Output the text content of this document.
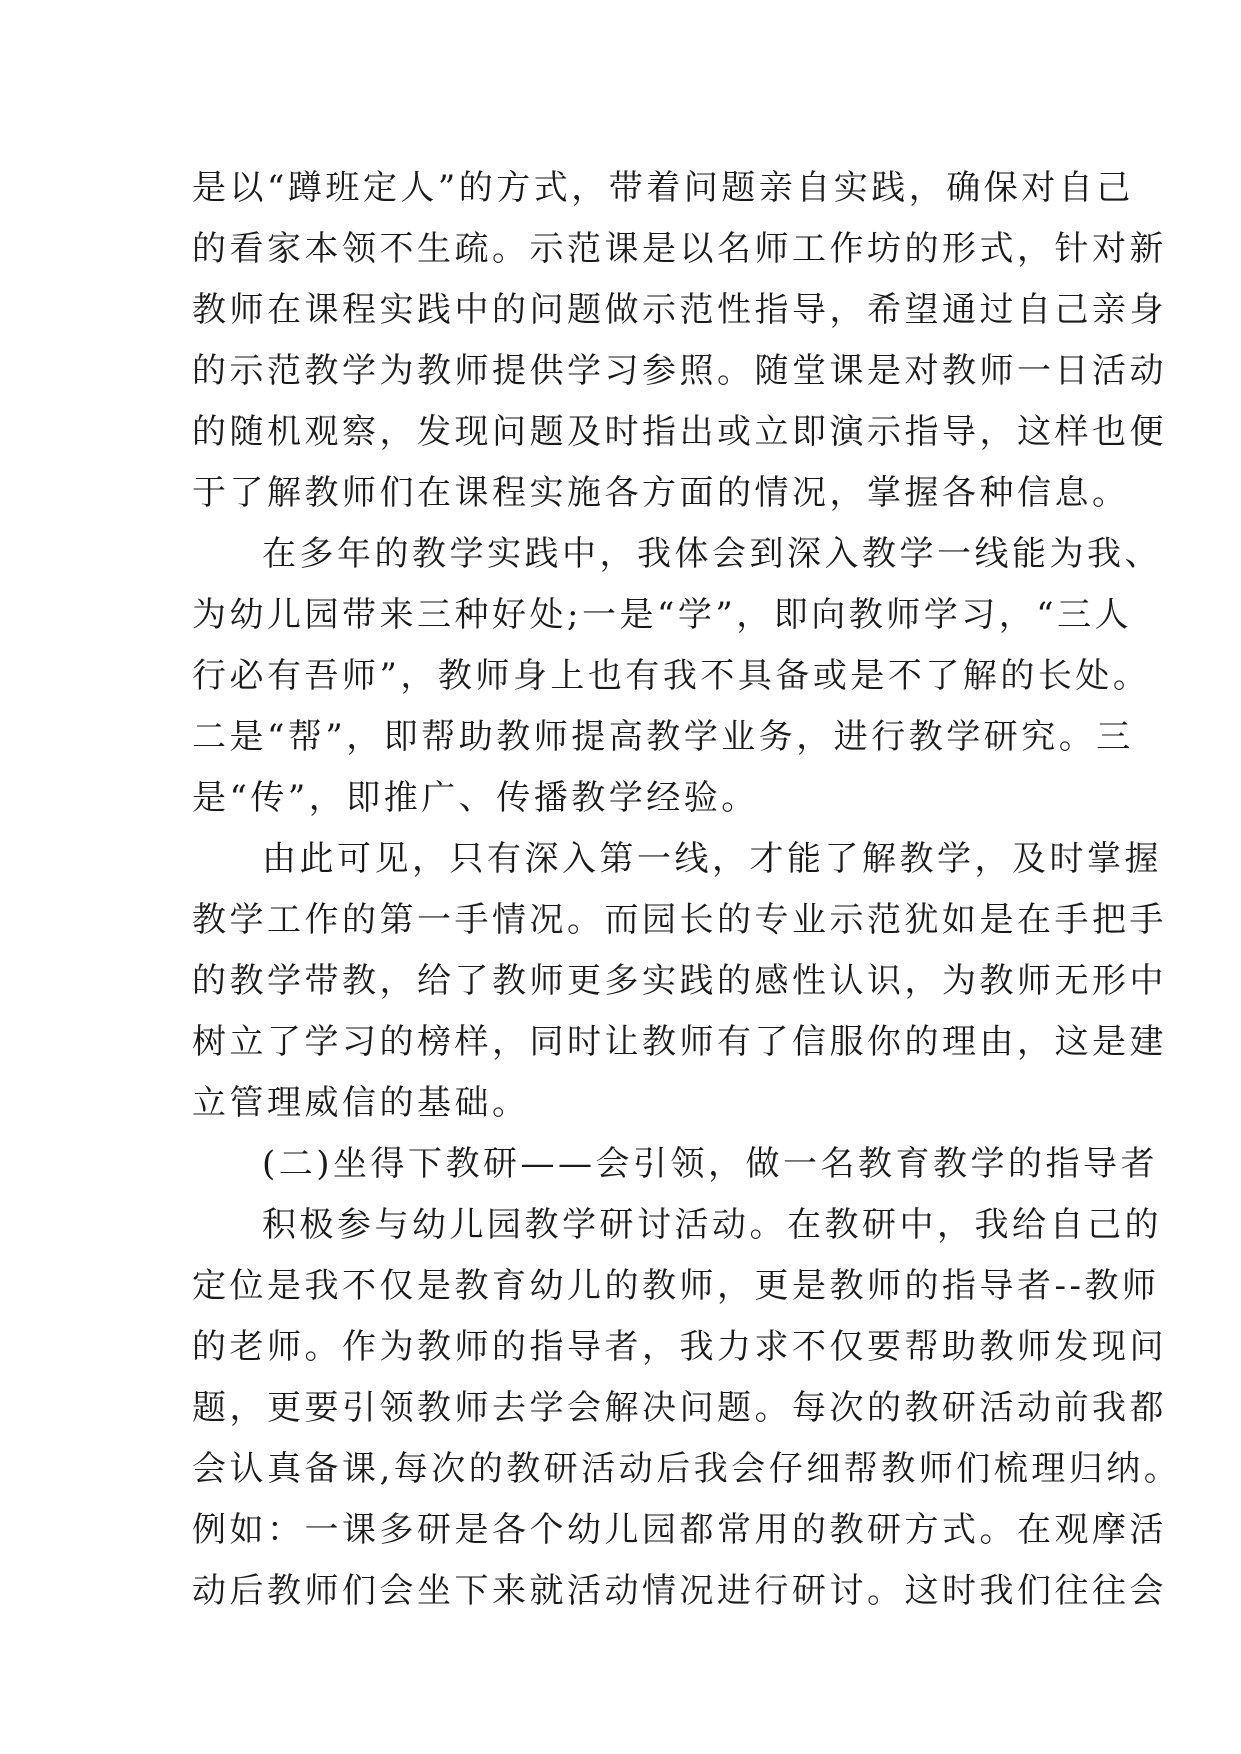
是以“蹲班定人”的方式，带着问题亲自实践，确保对自己
的看家本领不生疏。示范课是以名师工作坊的形式，针对新
教师在课程实践中的问题做示范性指导，希望通过自己亲身
的示范教学为教师提供学习参照。随堂课是对教师一日活动
的随机观察，发现问题及时指出或立即演示指导，这样也便
于了解教师们在课程实施各方面的情况，掌握各种信息。
在多年的教学实践中，我体会到深入教学一线能为我、
为幼儿园带来三种好处;一是“学”，即向教师学习，“三人
行必有吾师”，教师身上也有我不具备或是不了解的长处。
二是“帮”，即帮助教师提高教学业务，进行教学研究。三
是“传”，即推广、传播教学经验。
由此可见，只有深入第一线，才能了解教学，及时掌握
教学工作的第一手情况。而园长的专业示范犹如是在手把手
的教学带教，给了教师更多实践的感性认识，为教师无形中
树立了学习的榜样，同时让教师有了信服你的理由，这是建
立管理威信的基础。
(二)坐得下教研——会引领，做一名教育教学的指导者
积极参与幼儿园教学研讨活动。在教研中，我给自己的
定位是我不仅是教育幼儿的教师，更是教师的指导者--教师
的老师。作为教师的指导者，我力求不仅要帮助教师发现问
题，更要引领教师去学会解决问题。每次的教研活动前我都
会认真备课,每次的教研活动后我会仔细帮教师们梳理归纳。
例如：一课多研是各个幼儿园都常用的教研方式。在观摩活
动后教师们会坐下来就活动情况进行研讨。这时我们往往会
